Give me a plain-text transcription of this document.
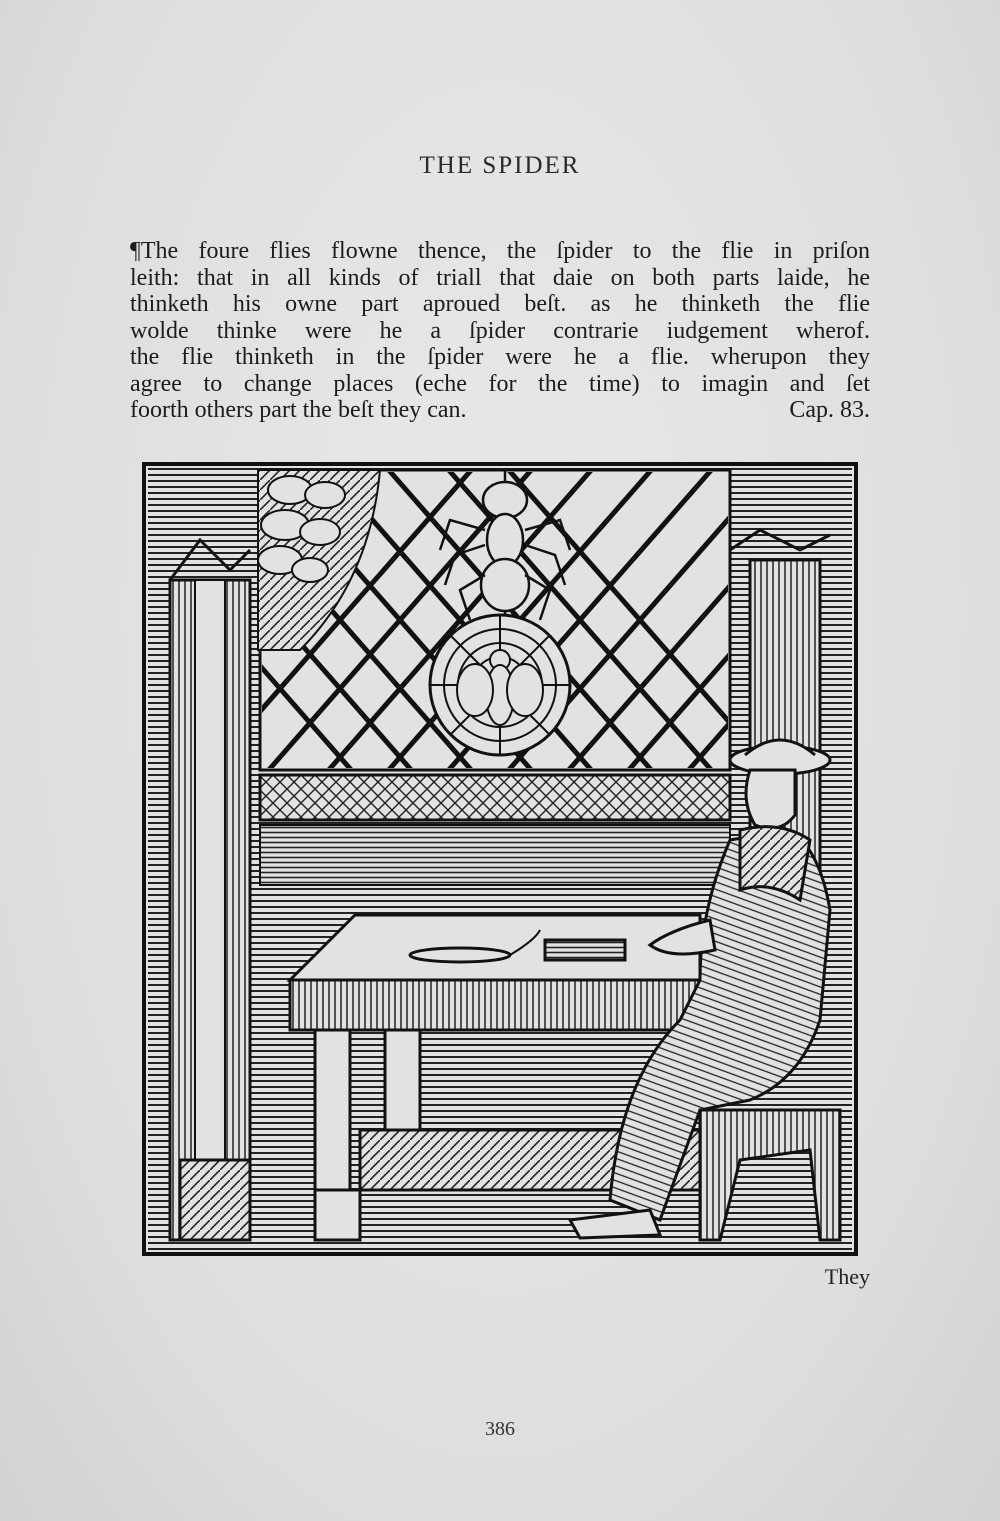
THE SPIDER
¶The foure flies flowne thence, the ſpider to the flie in priſon
leith: that in all kinds of triall that daie on both parts laide, he
thinketh his owne part aproued beſt. as he thinketh the flie
wolde thinke were he a ſpider contrarie iudgement wherof.
the flie thinketh in the ſpider were he a flie. wherupon they
agree to change places (eche for the time) to imagin and ſet
foorth others part the beſt they can.	Cap. 83.
They
386
